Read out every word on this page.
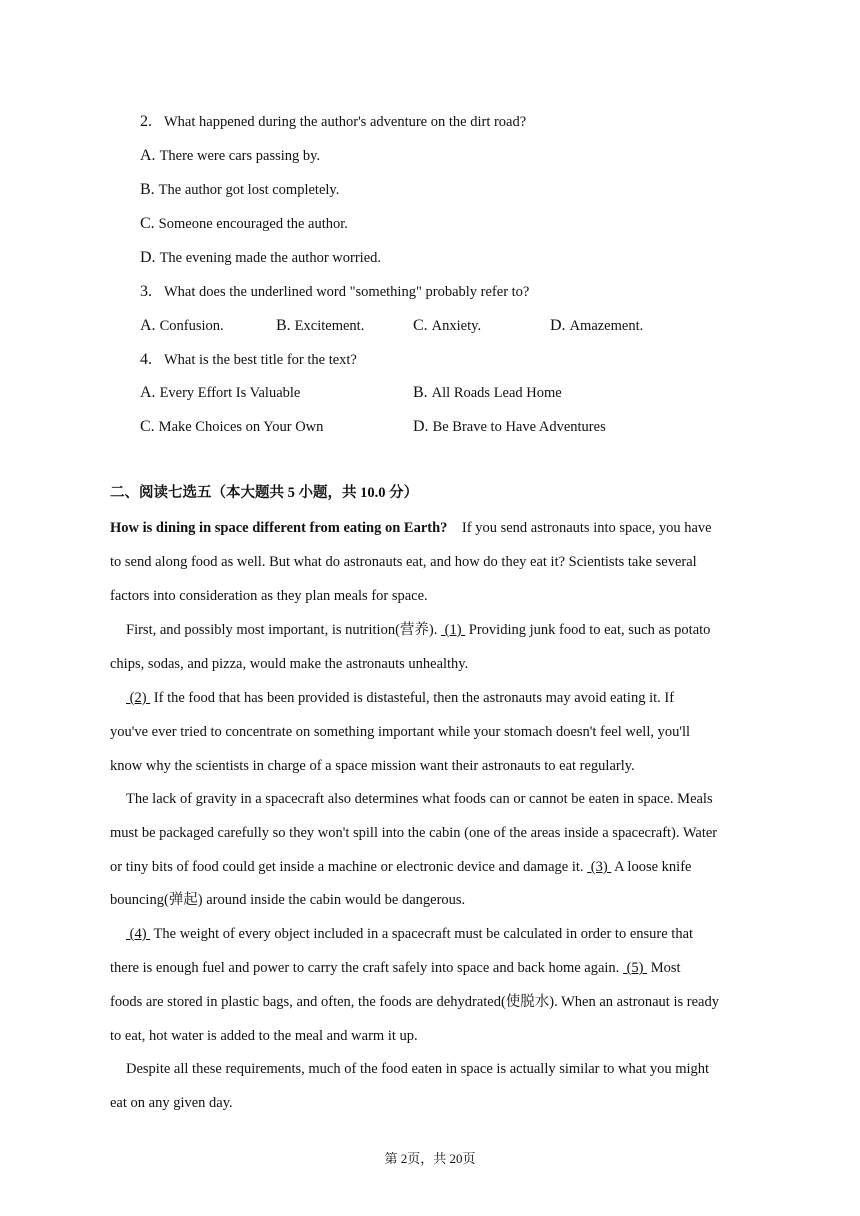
2. What happened during the author's adventure on the dirt road?
A. There were cars passing by.
B. The author got lost completely.
C. Someone encouraged the author.
D. The evening made the author worried.
3. What does the underlined word "something" probably refer to?
A. Confusion.	B. Excitement.	C. Anxiety.	D. Amazement.
4. What is the best title for the text?
A. Every Effort Is Valuable	B. All Roads Lead Home
C. Make Choices on Your Own	D. Be Brave to Have Adventures
二、阅读七选五（本大题共 5 小题，共 10.0 分）
How is dining in space different from eating on Earth? If you send astronauts into space, you have
to send along food as well. But what do astronauts eat, and how do they eat it? Scientists take several
factors into consideration as they plan meals for space.
First, and possibly most important, is nutrition(营养).  (1)  Providing junk food to eat, such as potato
chips, sodas, and pizza, would make the astronauts unhealthy.
(2)  If the food that has been provided is distasteful, then the astronauts may avoid eating it. If
you've ever tried to concentrate on something important while your stomach doesn't feel well, you'll
know why the scientists in charge of a space mission want their astronauts to eat regularly.
The lack of gravity in a spacecraft also determines what foods can or cannot be eaten in space. Meals
must be packaged carefully so they won't spill into the cabin (one of the areas inside a spacecraft). Water
or tiny bits of food could get inside a machine or electronic device and damage it.  (3)  A loose knife
bouncing(弹起) around inside the cabin would be dangerous.
(4)  The weight of every object included in a spacecraft must be calculated in order to ensure that
there is enough fuel and power to carry the craft safely into space and back home again.  (5)  Most
foods are stored in plastic bags, and often, the foods are dehydrated(使脱水). When an astronaut is ready
to eat, hot water is added to the meal and warm it up.
Despite all these requirements, much of the food eaten in space is actually similar to what you might
eat on any given day.
第 2页，共 20页
